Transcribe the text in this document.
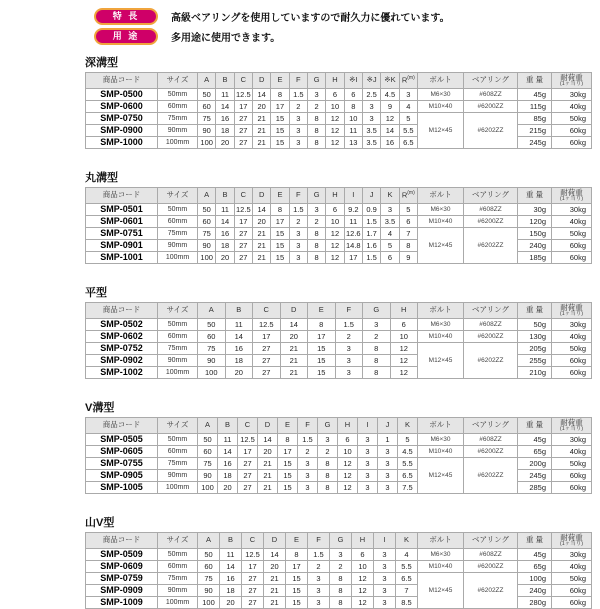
特 長	高級ベアリングを使用していますので耐久力に優れています。
用 途	多用途に使用できます。
深溝型
商品コード	サイズ	A	B	C	D	E	F	G	H	※I	※J	※K	$R^{(m)}$	ボルト	ベアリング	重 量	耐荷重
(1ヶ当り)

SMP-0500	50mm	50	11	12.5	14	8	1.5	3	6	6	2.5	4.5	3	M6×30	#608ZZ	45g	30kg
SMP-0600	60mm	60	14	17	20	17	2	2	10	8	3	9	4	M10×40	#6200ZZ	115g	40kg
SMP-0750	75mm	75	16	27	21	15	3	8	12	10	3	12	5	M12×45	#6202ZZ	85g	50kg
SMP-0900	90mm	90	18	27	21	15	3	8	12	11	3.5	14	5.5			215g	60kg
SMP-1000	100mm	100	20	27	21	15	3	8	12	13	3.5	16	6.5			245g	60kg
丸溝型
商品コード	サイズ	A	B	C	D	E	F	G	H	I	J	K	$R^{(m)}$	ボルト	ベアリング	重 量	耐荷重
(1ヶ当り)

SMP-0501	50mm	50	11	12.5	14	8	1.5	3	6	9.2	0.9	3	5	M6×30	#608ZZ	30g	30kg
SMP-0601	60mm	60	14	17	20	17	2	2	10	11	1.5	3.5	6	M10×40	#6200ZZ	120g	40kg
SMP-0751	75mm	75	16	27	21	15	3	8	12	12.6	1.7	4	7	M12×45	#6202ZZ	150g	50kg
SMP-0901	90mm	90	18	27	21	15	3	8	12	14.8	1.6	5	8			240g	60kg
SMP-1001	100mm	100	20	27	21	15	3	8	12	17	1.5	6	9			185g	60kg
平型
商品コード	サイズ	A	B	C	D	E	F	G	H	ボルト	ベアリング	重 量	耐荷重
(1ヶ当り)

SMP-0502	50mm	50	11	12.5	14	8	1.5	3	6	M6×30	#608ZZ	50g	30kg
SMP-0602	60mm	60	14	17	20	17	2	2	10	M10×40	#6200ZZ	130g	40kg
SMP-0752	75mm	75	16	27	21	15	3	8	12	M12×45	#6202ZZ	205g	50kg
SMP-0902	90mm	90	18	27	21	15	3	8	12			255g	60kg
SMP-1002	100mm	100	20	27	21	15	3	8	12			210g	60kg
V溝型
商品コード	サイズ	A	B	C	D	E	F	G	H	I	J	K	ボルト	ベアリング	重 量	耐荷重
(1ヶ当り)

SMP-0505	50mm	50	11	12.5	14	8	1.5	3	6	3	1	5	M6×30	#608ZZ	45g	30kg
SMP-0605	60mm	60	14	17	20	17	2	2	10	3	3	4.5	M10×40	#6200ZZ	65g	40kg
SMP-0755	75mm	75	16	27	21	15	3	8	12	3	3	5.5	M12×45	#6202ZZ	200g	50kg
SMP-0905	90mm	90	18	27	21	15	3	8	12	3	3	6.5			245g	60kg
SMP-1005	100mm	100	20	27	21	15	3	8	12	3	3	7.5			285g	60kg
山V型
商品コード	サイズ	A	B	C	D	E	F	G	H	I	K	ボルト	ベアリング	重 量	耐荷重
(1ヶ当り)

SMP-0509	50mm	50	11	12.5	14	8	1.5	3	6	3	4	M6×30	#608ZZ	45g	30kg
SMP-0609	60mm	60	14	17	20	17	2	2	10	3	5.5	M10×40	#6200ZZ	65g	40kg
SMP-0759	75mm	75	16	27	21	15	3	8	12	3	6.5	M12×45	#6202ZZ	100g	50kg
SMP-0909	90mm	90	18	27	21	15	3	8	12	3	7			240g	60kg
SMP-1009	100mm	100	20	27	21	15	3	8	12	3	8.5			280g	60kg
